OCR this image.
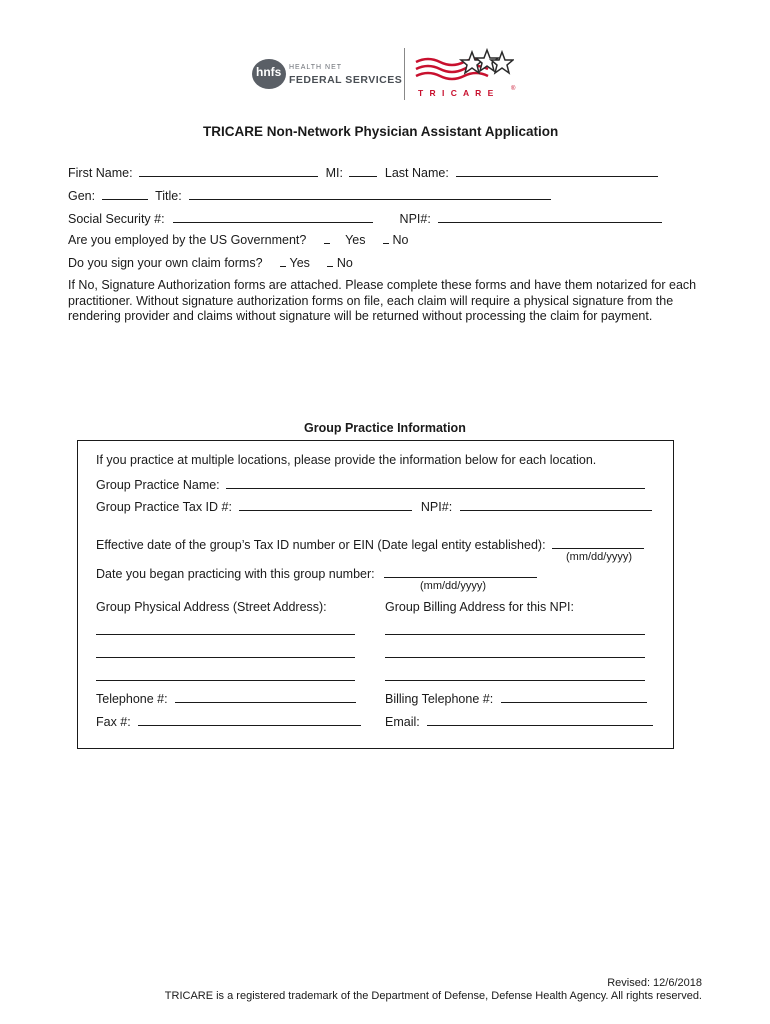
hnfs HEALTH NET
FEDERAL SERVICES
T R I C A R E	®
TRICARE Non-Network Physician Assistant Application
First Name:	MI:	Last Name:
Gen:	Title:
Social Security #:	NPI#:
Are you employed by the US Government?	Yes No
Do you sign your own claim forms? Yes No
If No, Signature Authorization forms are attached. Please complete these forms and have them notarized for each practitioner. Without signature authorization forms on file, each claim will require a physical signature from the rendering provider and claims without signature will be returned without processing the claim for payment.
Group Practice Information
If you practice at multiple locations, please provide the information below for each location.
Group Practice Name:
Group Practice Tax ID #:	NPI#:
Effective date of the group’s Tax ID number or EIN (Date legal entity established):
(mm/dd/yyyy)
Date you began practicing with this group number:
(mm/dd/yyyy)
Group Physical Address (Street Address):	Group Billing Address for this NPI:
Telephone #:	Billing Telephone #:
Fax #:	Email:
Revised: 12/6/2018
TRICARE is a registered trademark of the Department of Defense, Defense Health Agency. All rights reserved.
